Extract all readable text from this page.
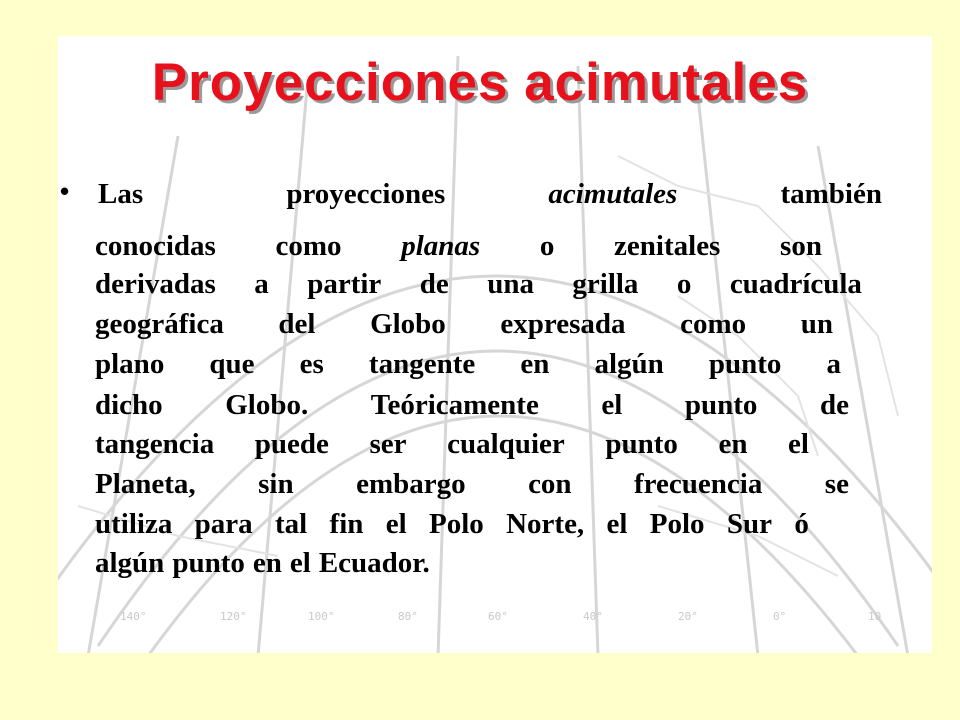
140°	120°	100°	80°	60°	40°	20°	0°	10
Proyecciones acimutales
• Las	proyecciones	acimutales	también
conocidas como planas o zenitales son
derivadas a partir de una grilla o cuadrícula
geográfica del Globo expresada como un
plano que es tangente en algún punto a
dicho Globo. Teóricamente el punto de
tangencia puede ser cualquier punto en el
Planeta, sin embargo con frecuencia se
utiliza para tal fin el Polo Norte, el Polo Sur ó
algún punto en el Ecuador.
